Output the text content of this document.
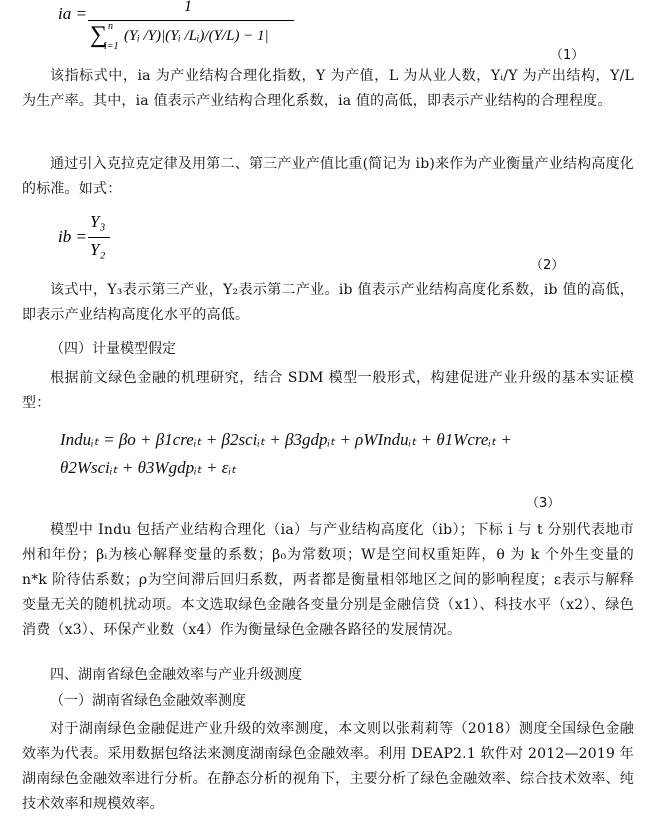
ia =	1
∑ n
i=1
(Yᵢ /Y)|(Yᵢ /Lᵢ)/(Y/L) − 1|
（1）

该指标式中，ia 为产业结构合理化指数，Y 为产值，L 为从业人数，Yᵢ/Y 为产出结构，Y/L 为生产率。其中，ia 值表示产业结构合理化系数，ia 值的高低，即表示产业结构的合理程度。

通过引入克拉克定律及用第二、第三产业产值比重(简记为 ib)来作为产业衡量产业结构高度化的标准。如式：

ib =
Y₃
Y₂
（2）

该式中，Y₃表示第三产业，Y₂表示第二产业。ib 值表示产业结构高度化系数，ib 值的高低，即表示产业结构高度化水平的高低。

（四）计量模型假定

根据前文绿色金融的机理研究，结合 SDM 模型一般形式，构建促进产业升级的基本实证模型：

Induᵢₜ = βo + β1creᵢₜ + β2sciᵢₜ + β3gdpᵢₜ + ρWInduᵢₜ + θ1Wcreᵢₜ +
θ2Wsciᵢₜ + θ3Wgdpᵢₜ + εᵢₜ
（3）

模型中 Indu 包括产业结构合理化（ia）与产业结构高度化（ib）；下标 i 与 t 分别代表地市州和年份；βᵢ为核心解释变量的系数；β₀为常数项；W是空间权重矩阵，θ 为 k 个外生变量的 n*k 阶待估系数；ρ为空间滞后回归系数，两者都是衡量相邻地区之间的影响程度；ε表示与解释变量无关的随机扰动项。本文选取绿色金融各变量分别是金融信贷（x1）、科技水平（x2）、绿色消费（x3）、环保产业数（x4）作为衡量绿色金融各路径的发展情况。

四、湖南省绿色金融效率与产业升级测度
（一）湖南省绿色金融效率测度

对于湖南绿色金融促进产业升级的效率测度，本文则以张莉莉等（2018）测度全国绿色金融效率为代表。采用数据包络法来测度湖南绿色金融效率。利用 DEAP2.1 软件对 2012—2019 年湖南绿色金融效率进行分析。在静态分析的视角下，主要分析了绿色金融效率、综合技术效率、纯技术效率和规模效率。
